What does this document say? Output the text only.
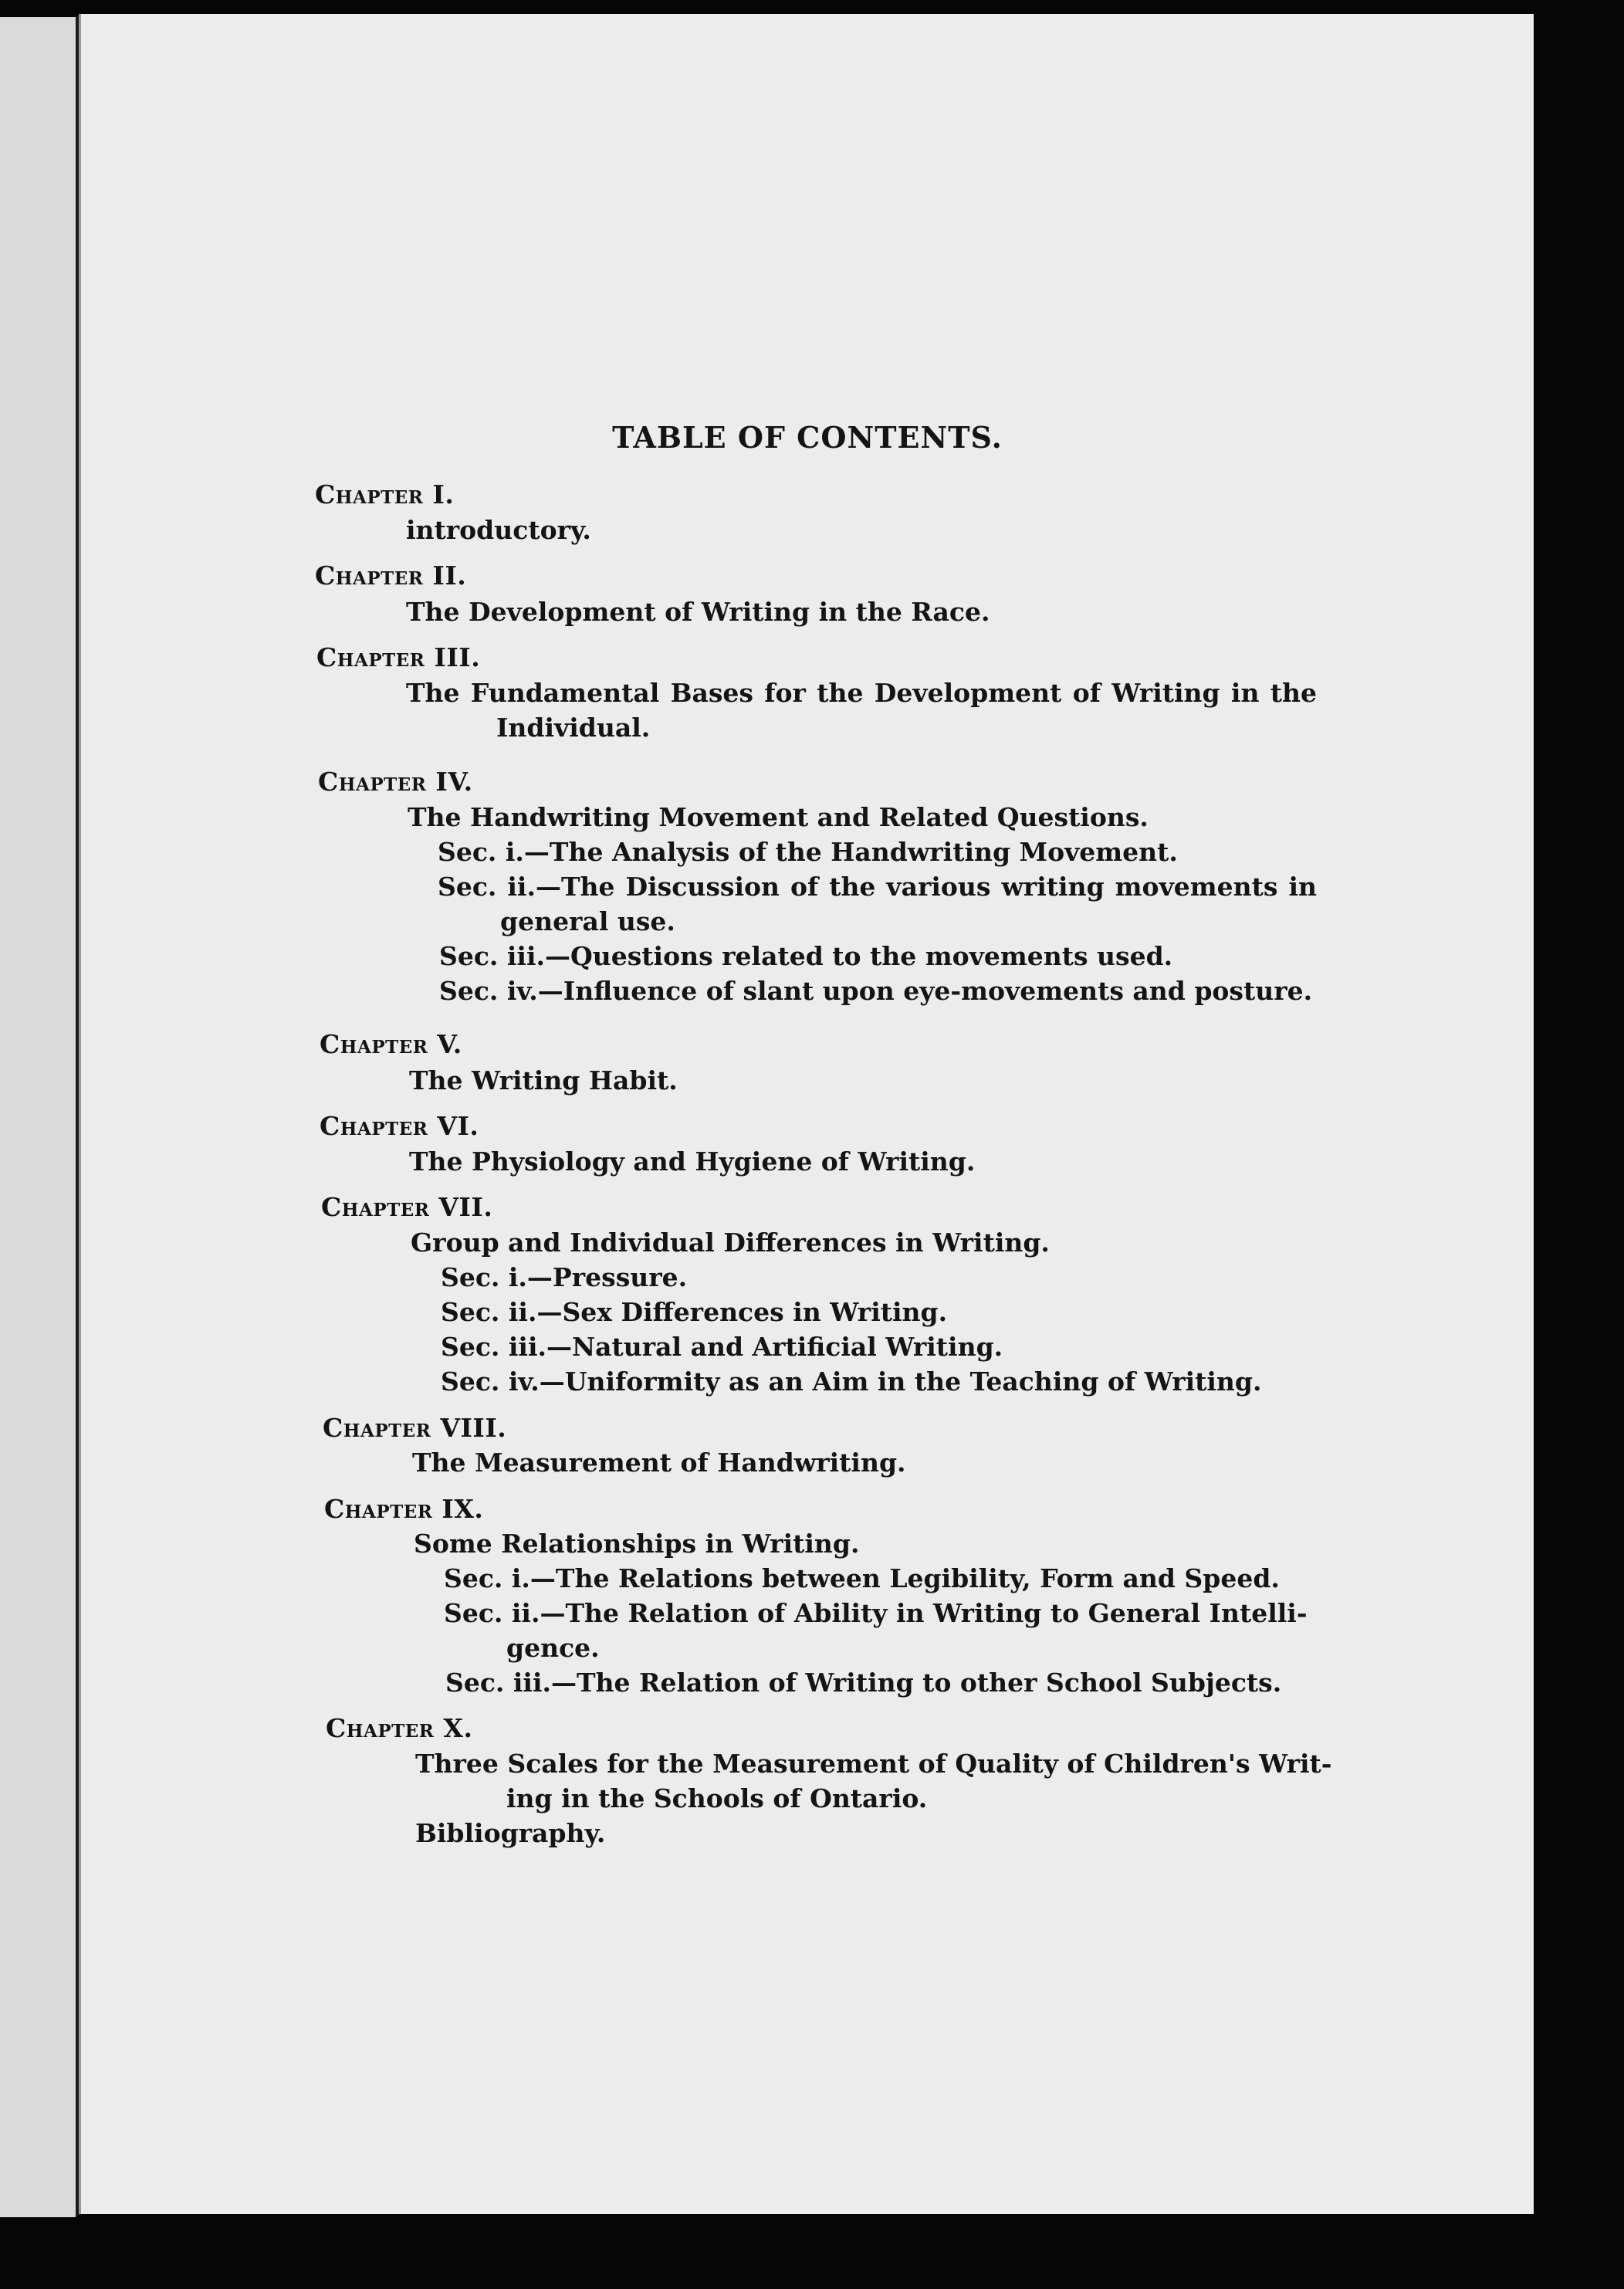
TABLE OF CONTENTS.
Chapter I.
introductory.
Chapter II.
The Development of Writing in the Race.
Chapter III.
The Fundamental Bases for the Development of Writing in the
Individual.
Chapter IV.
The Handwriting Movement and Related Questions.
Sec. i.—The Analysis of the Handwriting Movement.
Sec. ii.—The Discussion of the various writing movements in
general use.
Sec. iii.—Questions related to the movements used.
Sec. iv.—Influence of slant upon eye-movements and posture.
Chapter V.
The Writing Habit.
Chapter VI.
The Physiology and Hygiene of Writing.
Chapter VII.
Group and Individual Differences in Writing.
Sec. i.—Pressure.
Sec. ii.—Sex Differences in Writing.
Sec. iii.—Natural and Artificial Writing.
Sec. iv.—Uniformity as an Aim in the Teaching of Writing.
Chapter VIII.
The Measurement of Handwriting.
Chapter IX.
Some Relationships in Writing.
Sec. i.—The Relations between Legibility, Form and Speed.
Sec. ii.—The Relation of Ability in Writing to General Intelli-
gence.
Sec. iii.—The Relation of Writing to other School Subjects.
Chapter X.
Three Scales for the Measurement of Quality of Children's Writ-
ing in the Schools of Ontario.
Bibliography.
